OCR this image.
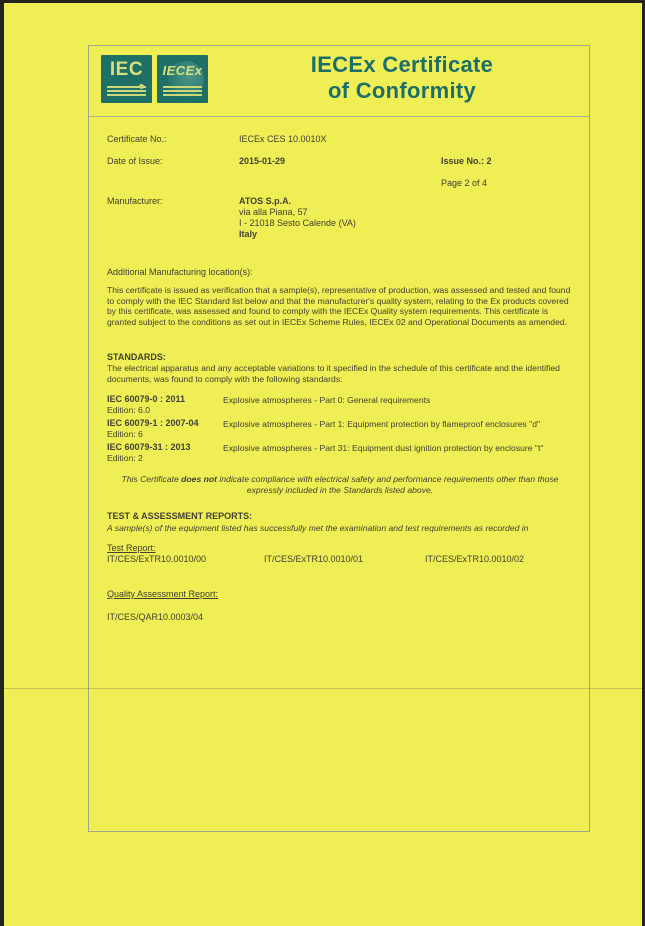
IEC	IECEx	IECEx Certificate
of Conformity
Certificate No.:	IECEx CES 10.0010X
Date of Issue:	2015-01-29	Issue No.: 2
Page 2 of 4
Manufacturer:	ATOS S.p.A.
via alla Piana, 57
I - 21018 Sesto Calende (VA)
Italy
Additional Manufacturing location(s):
This certificate is issued as verification that a sample(s), representative of production, was assessed and tested and found to comply with the IEC Standard list below and that the manufacturer's quality system, relating to the Ex products covered by this certificate, was assessed and found to comply with the IECEx Quality system requirements. This certificate is granted subject to the conditions as set out in IECEx Scheme Rules, IECEx 02 and Operational Documents as amended.
STANDARDS:
The electrical apparatus and any acceptable variations to it specified in the schedule of this certificate and the identified documents, was found to comply with the following standards:
IEC 60079-0 : 2011	Explosive atmospheres - Part 0: General requirements
Edition: 6.0
IEC 60079-1 : 2007-04	Explosive atmospheres - Part 1: Equipment protection by flameproof enclosures "d"
Edition: 6
IEC 60079-31 : 2013	Explosive atmospheres - Part 31: Equipment dust ignition protection by enclosure "t"
Edition: 2
This Certificate does not indicate compliance with electrical safety and performance requirements other than those expressly included in the Standards listed above.
TEST & ASSESSMENT REPORTS:
A sample(s) of the equipment listed has successfully met the examination and test requirements as recorded in
Test Report:
IT/CES/ExTR10.0010/00	IT/CES/ExTR10.0010/01	IT/CES/ExTR10.0010/02
Quality Assessment Report:
IT/CES/QAR10.0003/04
